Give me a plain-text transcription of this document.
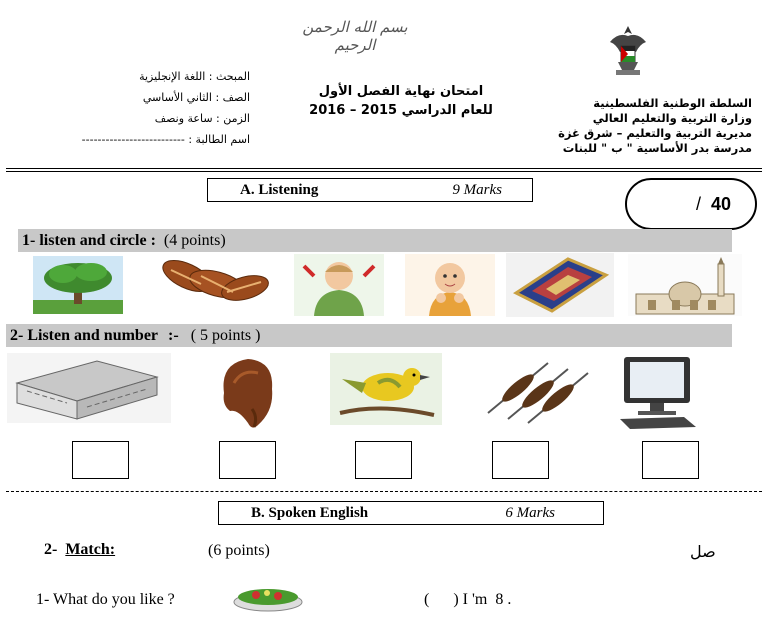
بسم الله الرحمن الرحيم
المبحث : اللغة الإنجليزية
الصف : الثاني الأساسي
الزمن : ساعة ونصف
اسم الطالبة : --------------------------
امتحان نهاية الفصل الأول
للعام الدراسي 2015 – 2016	السلطة الوطنية الفلسطينية
وزارة التربية والتعليم العالي
مديرية التربية والتعليم – شرق غزة
مدرسة بدر الأساسية " ب " للبنات
A. Listening	9 Marks
/ 40
1- listen and circle : (4 points)
2- Listen and number :- ( 5 points )
B. Spoken English	6 Marks
2- Match:	(6 points)	صل
1- What do you like ?	(      ) I 'm  8 .
